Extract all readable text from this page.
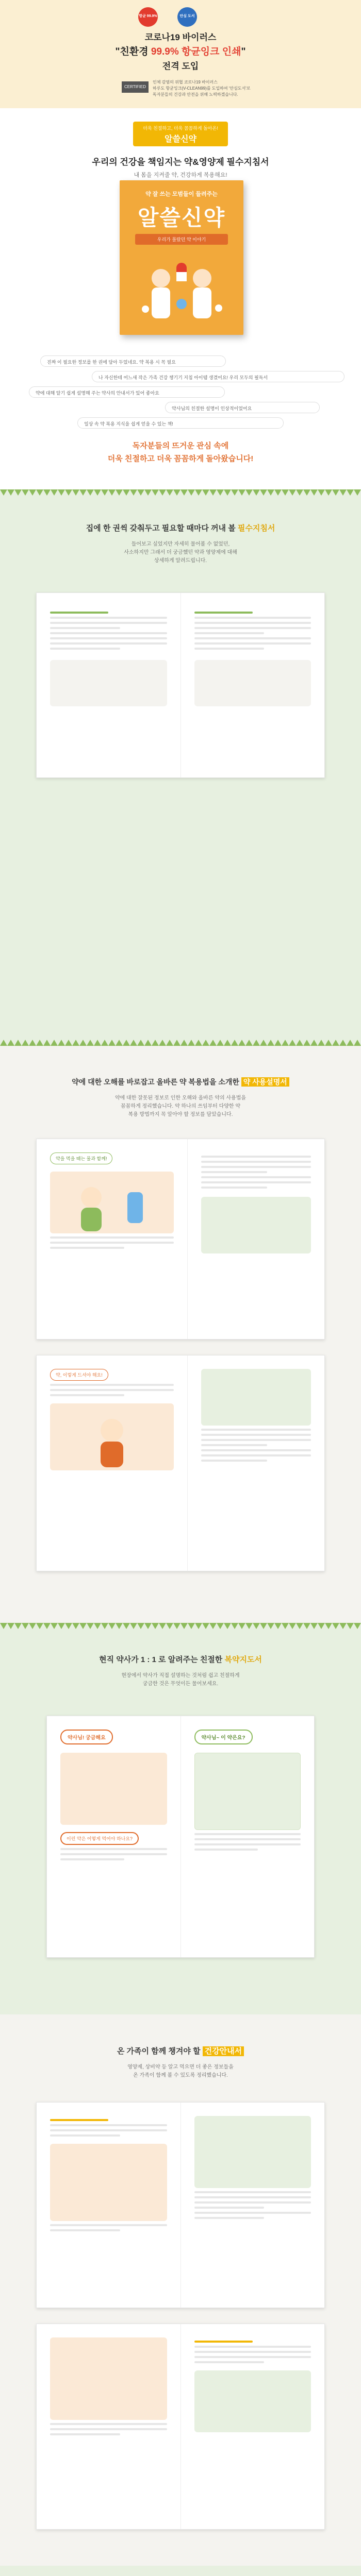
항균 99.9%	안심 도서
코로나19 바이러스
"친환경 99.9% 항균잉크 인쇄"
전격 도입
CERTIFIED
인체 감염의 위협 코로나19 바이러스
하루도 항균잉크(V-CLEAN99)를 도입하여 '안심도서'로
독자분들의 건강과 안전을 위해 노력하겠습니다.
더욱 친절하고, 더욱 꼼꼼하게 돌아온!
알쓸신약
우리의 건강을 책임지는 약&영양제 필수지침서
내 몸을 지켜줄 약, 건강하게 복용해요!
약 잘 쓰는 모범들이 들려주는
알쓸신약
우리가 몰랐던 약 이야기
진짜 이 필요한 정보를 한 권에 담아 두었네요. 약 복용 시 꼭 필요
나 자신한테 어느새 작은 가족 건강 챙기기 지침 아이템 생겼어요! 우리 모두의 필독서
약에 대해 알기 쉽게 설명해 주는 약사의 안내서가 있어 좋아요
약사님의 친절한 설명이 인상적이었어요
일상 속 약 복용 지식을 쉽게 얻을 수 있는 책!
독자분들의 뜨거운 관심 속에
더욱 친절하고 더욱 꼼꼼하게 돌아왔습니다!
집에 한 권씩 갖춰두고 필요할 때마다 꺼내 볼 필수지침서
들어보고 싶었지만 자세히 물어볼 수 없었던,
사소하지만 그래서 더 궁금했던 약과 영양제에 대해
상세하게 알려드립니다.
약에 대한 오해를 바로잡고 올바른 약 복용법을 소개한 약 사용설명서
약에 대한 잘못된 정보로 인한 오해와 올바른 약의 사용법을
꼼꼼하게 정리했습니다. 약 하나의 쓰임부터 다양한 약
복용 방법까지 꼭 알아야 할 정보를 담았습니다.
약을 먹을 때는 물과 함께!
약, 이렇게 드셔야 해요!
현직 약사가 1 : 1 로 알려주는 친절한 복약지도서
현장에서 약사가 직접 설명하는 것처럼 쉽고 친절하게
궁금한 것은 무엇이든 물어보세요.
약사님! 궁금해요
이런 약은 어떻게 먹어야 하나요?
약사님~ 이 약은요?
온 가족이 함께 챙겨야 할 건강안내서
영양제, 상비약 등 알고 먹으면 더 좋은 정보들을
온 가족이 함께 볼 수 있도록 정리했습니다.
